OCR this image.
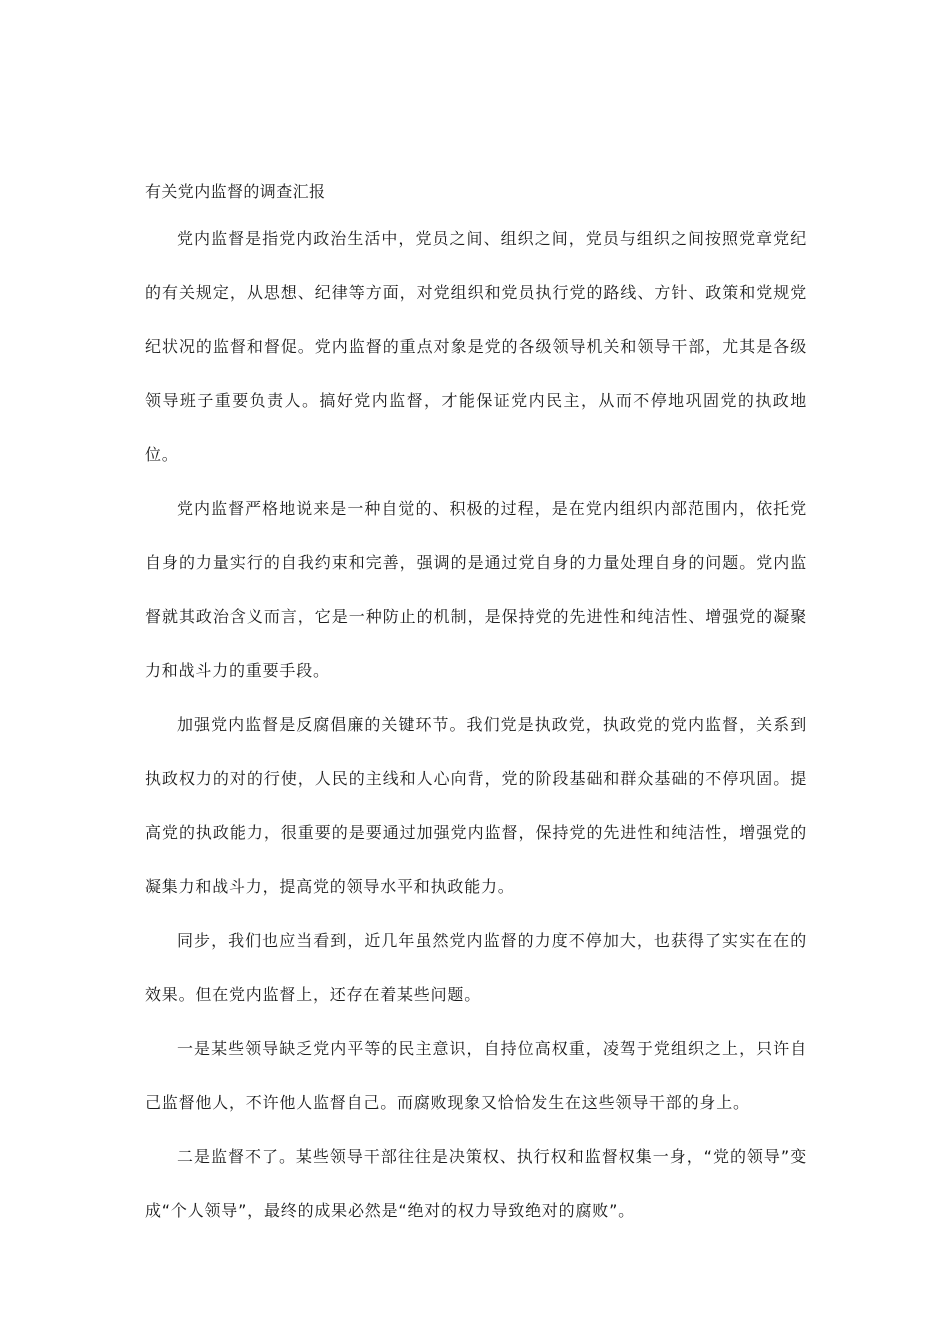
有关党内监督的调查汇报

党内监督是指党内政治生活中，党员之间、组织之间，党员与组织之间按照党章党纪的有关规定，从思想、纪律等方面，对党组织和党员执行党的路线、方针、政策和党规党纪状况的监督和督促。党内监督的重点对象是党的各级领导机关和领导干部，尤其是各级领导班子重要负责人。搞好党内监督，才能保证党内民主，从而不停地巩固党的执政地位。

党内监督严格地说来是一种自觉的、积极的过程，是在党内组织内部范围内，依托党自身的力量实行的自我约束和完善，强调的是通过党自身的力量处理自身的问题。党内监督就其政治含义而言，它是一种防止的机制，是保持党的先进性和纯洁性、增强党的凝聚力和战斗力的重要手段。

加强党内监督是反腐倡廉的关键环节。我们党是执政党，执政党的党内监督，关系到执政权力的对的行使，人民的主线和人心向背，党的阶段基础和群众基础的不停巩固。提高党的执政能力，很重要的是要通过加强党内监督，保持党的先进性和纯洁性，增强党的凝集力和战斗力，提高党的领导水平和执政能力。

同步，我们也应当看到，近几年虽然党内监督的力度不停加大，也获得了实实在在的效果。但在党内监督上，还存在着某些问题。

一是某些领导缺乏党内平等的民主意识，自持位高权重，凌驾于党组织之上，只许自己监督他人，不许他人监督自己。而腐败现象又恰恰发生在这些领导干部的身上。

二是监督不了。某些领导干部往往是决策权、执行权和监督权集一身，“党的领导”变成“个人领导”，最终的成果必然是“绝对的权力导致绝对的腐败”。
